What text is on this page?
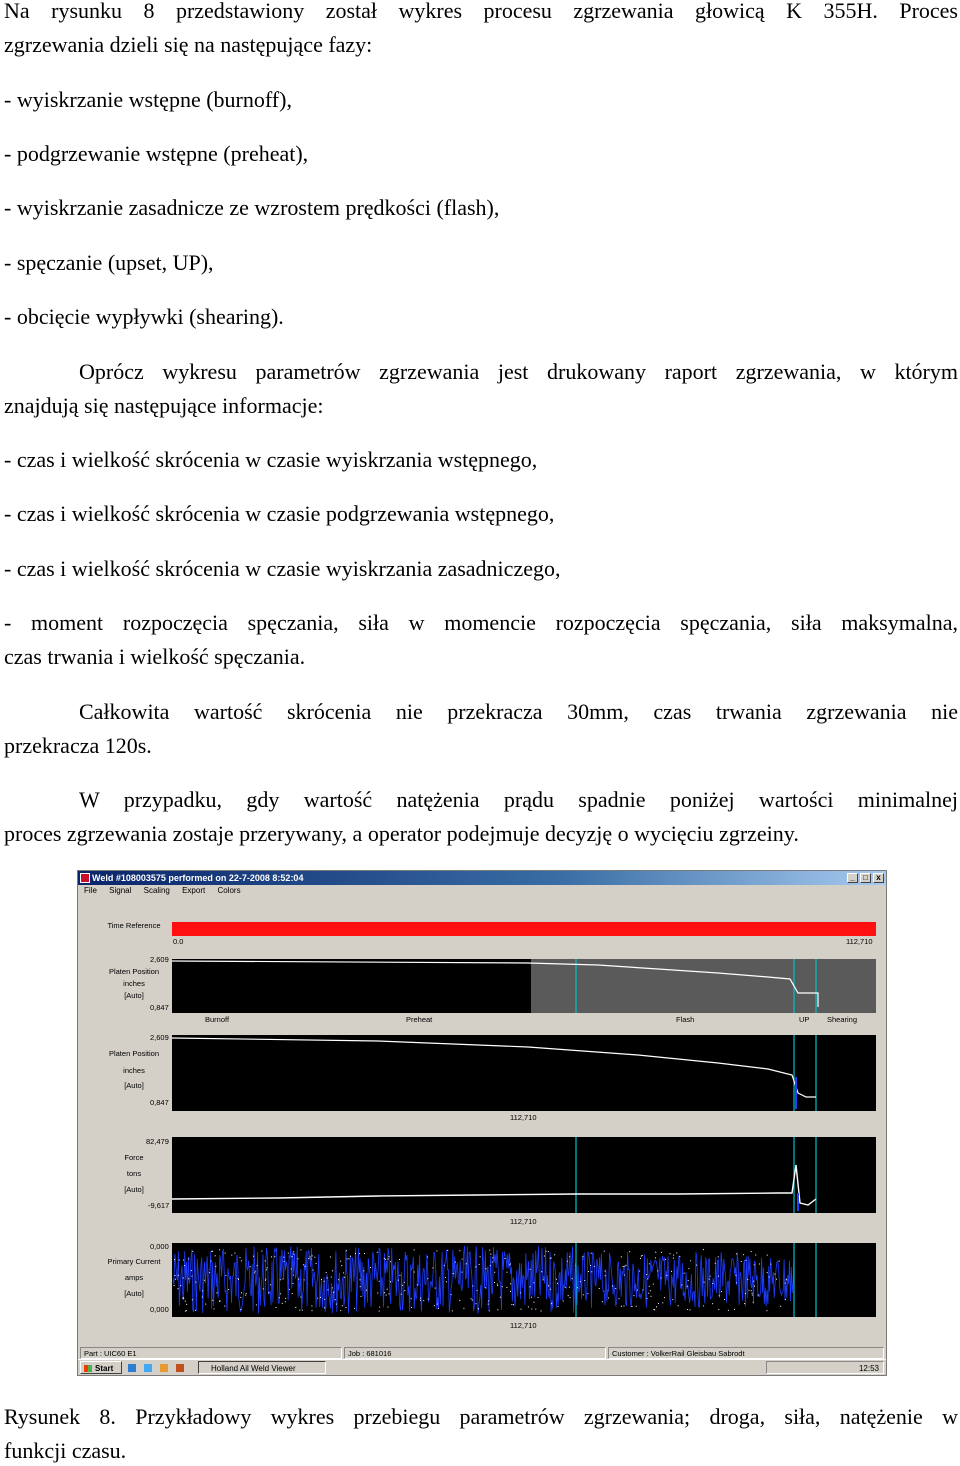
Na rysunku 8 przedstawiony został wykres procesu zgrzewania głowicą K 355H. Proces
zgrzewania dzieli się na następujące fazy:
- wyiskrzanie wstępne (burnoff),
- podgrzewanie wstępne (preheat),
- wyiskrzanie zasadnicze ze wzrostem prędkości (flash),
- spęczanie (upset, UP),
- obcięcie wypływki (shearing).
Oprócz wykresu parametrów zgrzewania jest drukowany raport zgrzewania, w którym
znajdują się następujące informacje:
- czas i wielkość skrócenia w czasie wyiskrzania wstępnego,
- czas i wielkość skrócenia w czasie podgrzewania wstępnego,
- czas i wielkość skrócenia w czasie wyiskrzania zasadniczego,
- moment rozpoczęcia spęczania, siła w momencie rozpoczęcia spęczania, siła maksymalna,
czas trwania i wielkość spęczania.
Całkowita wartość skrócenia nie przekracza 30mm, czas trwania zgrzewania nie
przekracza 120s.
W przypadku, gdy wartość natężenia prądu spadnie poniżej wartości minimalnej
proces zgrzewania zostaje przerywany, a operator podejmuje decyzję o wycięciu zgrzeiny.
Weld #108003575 performed on 22-7-2008 8:52:04	_	□	x
File Signal Scaling Export Colors
Time Reference
0.0	112,710
2,609
Platen Position
inches
[Auto]
0,847
Burnoff	Preheat	Flash	UP Shearing
2,609
Platen Position
inches
[Auto]
0,847
112,710
82,479
Force
tons
[Auto]
-9,617
112,710
0,000
Primary Current
amps
[Auto]
0,000
112,710
Part : UIC60 E1	Job : 681016	Customer : VolkerRail Gleisbau Sabrodt
Start	Holland Ail Weld Viewer	12:53
Rysunek 8. Przykładowy wykres przebiegu parametrów zgrzewania; droga, siła, natężenie w
funkcji czasu.
